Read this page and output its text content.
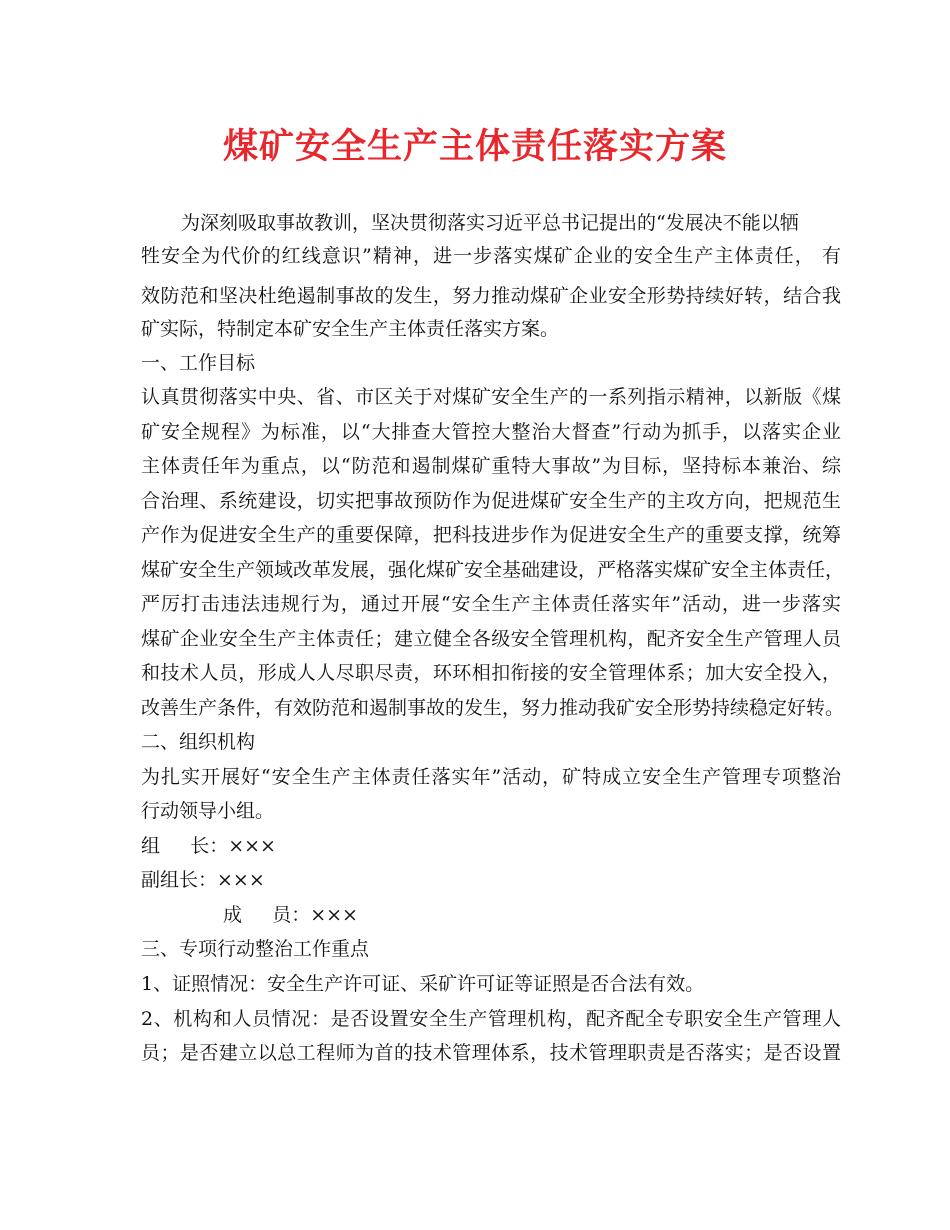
煤矿安全生产主体责任落实方案
为深刻吸取事故教训，坚决贯彻落实习近平总书记提出的“发展决不能以牺
牲安全为代价的红线意识”精神，进一步落实煤矿企业的安全生产主体责任， 有
效防范和坚决杜绝遏制事故的发生，努力推动煤矿企业安全形势持续好转，结合我
矿实际，特制定本矿安全生产主体责任落实方案。
一、工作目标
认真贯彻落实中央、省、市区关于对煤矿安全生产的一系列指示精神，以新版《煤
矿安全规程》为标准，以“大排查大管控大整治大督查”行动为抓手，以落实企业
主体责任年为重点，以“防范和遏制煤矿重特大事故”为目标，坚持标本兼治、综
合治理、系统建设，切实把事故预防作为促进煤矿安全生产的主攻方向，把规范生
产作为促进安全生产的重要保障，把科技进步作为促进安全生产的重要支撑，统筹
煤矿安全生产领域改革发展，强化煤矿安全基础建设，严格落实煤矿安全主体责任，
严厉打击违法违规行为，通过开展“安全生产主体责任落实年”活动，进一步落实
煤矿企业安全生产主体责任；建立健全各级安全管理机构，配齐安全生产管理人员
和技术人员，形成人人尽职尽责，环环相扣衔接的安全管理体系；加大安全投入，
改善生产条件，有效防范和遏制事故的发生，努力推动我矿安全形势持续稳定好转。
二、组织机构
为扎实开展好“安全生产主体责任落实年”活动，矿特成立安全生产管理专项整治
行动领导小组。
组     长：×××
副组长：×××
成     员：×××
三、专项行动整治工作重点
1、证照情况：安全生产许可证、采矿许可证等证照是否合法有效。
2、机构和人员情况：是否设置安全生产管理机构，配齐配全专职安全生产管理人
员；是否建立以总工程师为首的技术管理体系，技术管理职责是否落实；是否设置
